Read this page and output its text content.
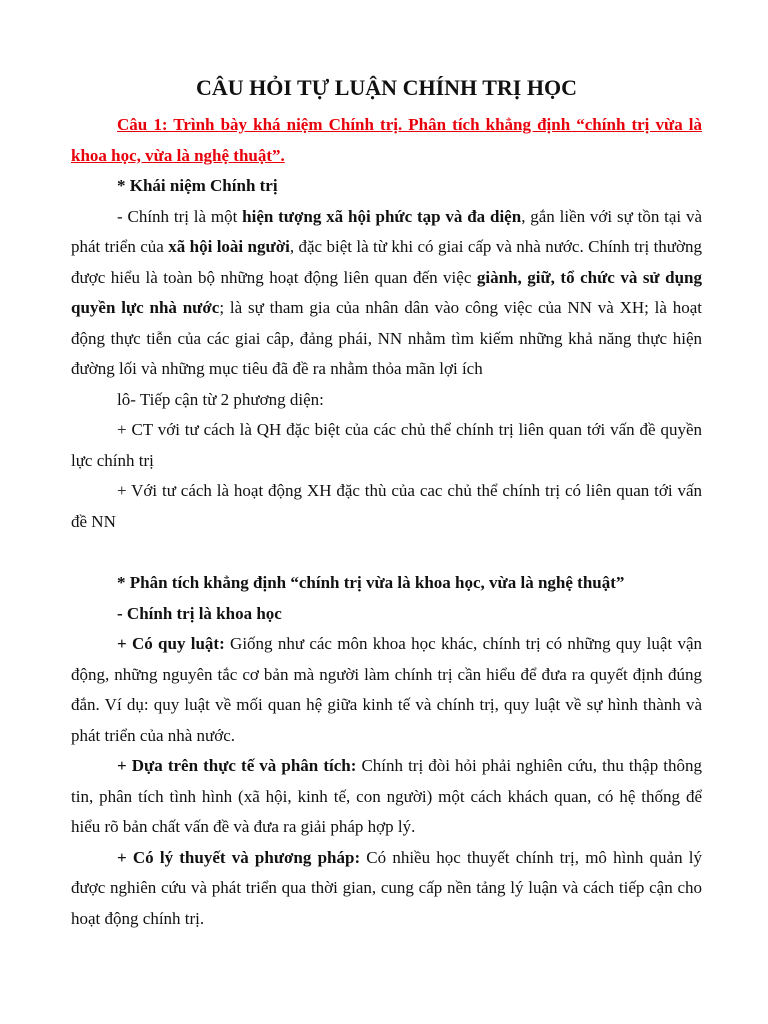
CÂU HỎI TỰ LUẬN CHÍNH TRỊ HỌC

Câu 1: Trình bày khá niệm Chính trị. Phân tích khẳng định “chính trị vừa là khoa học, vừa là nghệ thuật”.

* Khái niệm Chính trị

- Chính trị là một hiện tượng xã hội phức tạp và đa diện, gắn liền với sự tồn tại và phát triển của xã hội loài người, đặc biệt là từ khi có giai cấp và nhà nước. Chính trị thường được hiểu là toàn bộ những hoạt động liên quan đến việc giành, giữ, tổ chức và sử dụng quyền lực nhà nước; là sự tham gia của nhân dân vào công việc của NN và XH; là hoạt động thực tiễn của các giai câp, đảng phái, NN nhằm tìm kiếm những khả năng thực hiện đường lối và những mục tiêu đã đề ra nhằm thỏa mãn lợi ích

lô- Tiếp cận từ 2 phương diện:

+ CT với tư cách là QH đặc biệt của các chủ thể chính trị liên quan tới vấn đề quyền lực chính trị

+ Với tư cách là hoạt động XH đặc thù của cac chủ thể chính trị có liên quan tới vấn đề NN

* Phân tích khẳng định “chính trị vừa là khoa học, vừa là nghệ thuật”

- Chính trị là khoa học

+ Có quy luật: Giống như các môn khoa học khác, chính trị có những quy luật vận động, những nguyên tắc cơ bản mà người làm chính trị cần hiểu để đưa ra quyết định đúng đắn. Ví dụ: quy luật về mối quan hệ giữa kinh tế và chính trị, quy luật về sự hình thành và phát triển của nhà nước.

+ Dựa trên thực tế và phân tích: Chính trị đòi hỏi phải nghiên cứu, thu thập thông tin, phân tích tình hình (xã hội, kinh tế, con người) một cách khách quan, có hệ thống để hiểu rõ bản chất vấn đề và đưa ra giải pháp hợp lý.

+ Có lý thuyết và phương pháp: Có nhiều học thuyết chính trị, mô hình quản lý được nghiên cứu và phát triển qua thời gian, cung cấp nền tảng lý luận và cách tiếp cận cho hoạt động chính trị.
